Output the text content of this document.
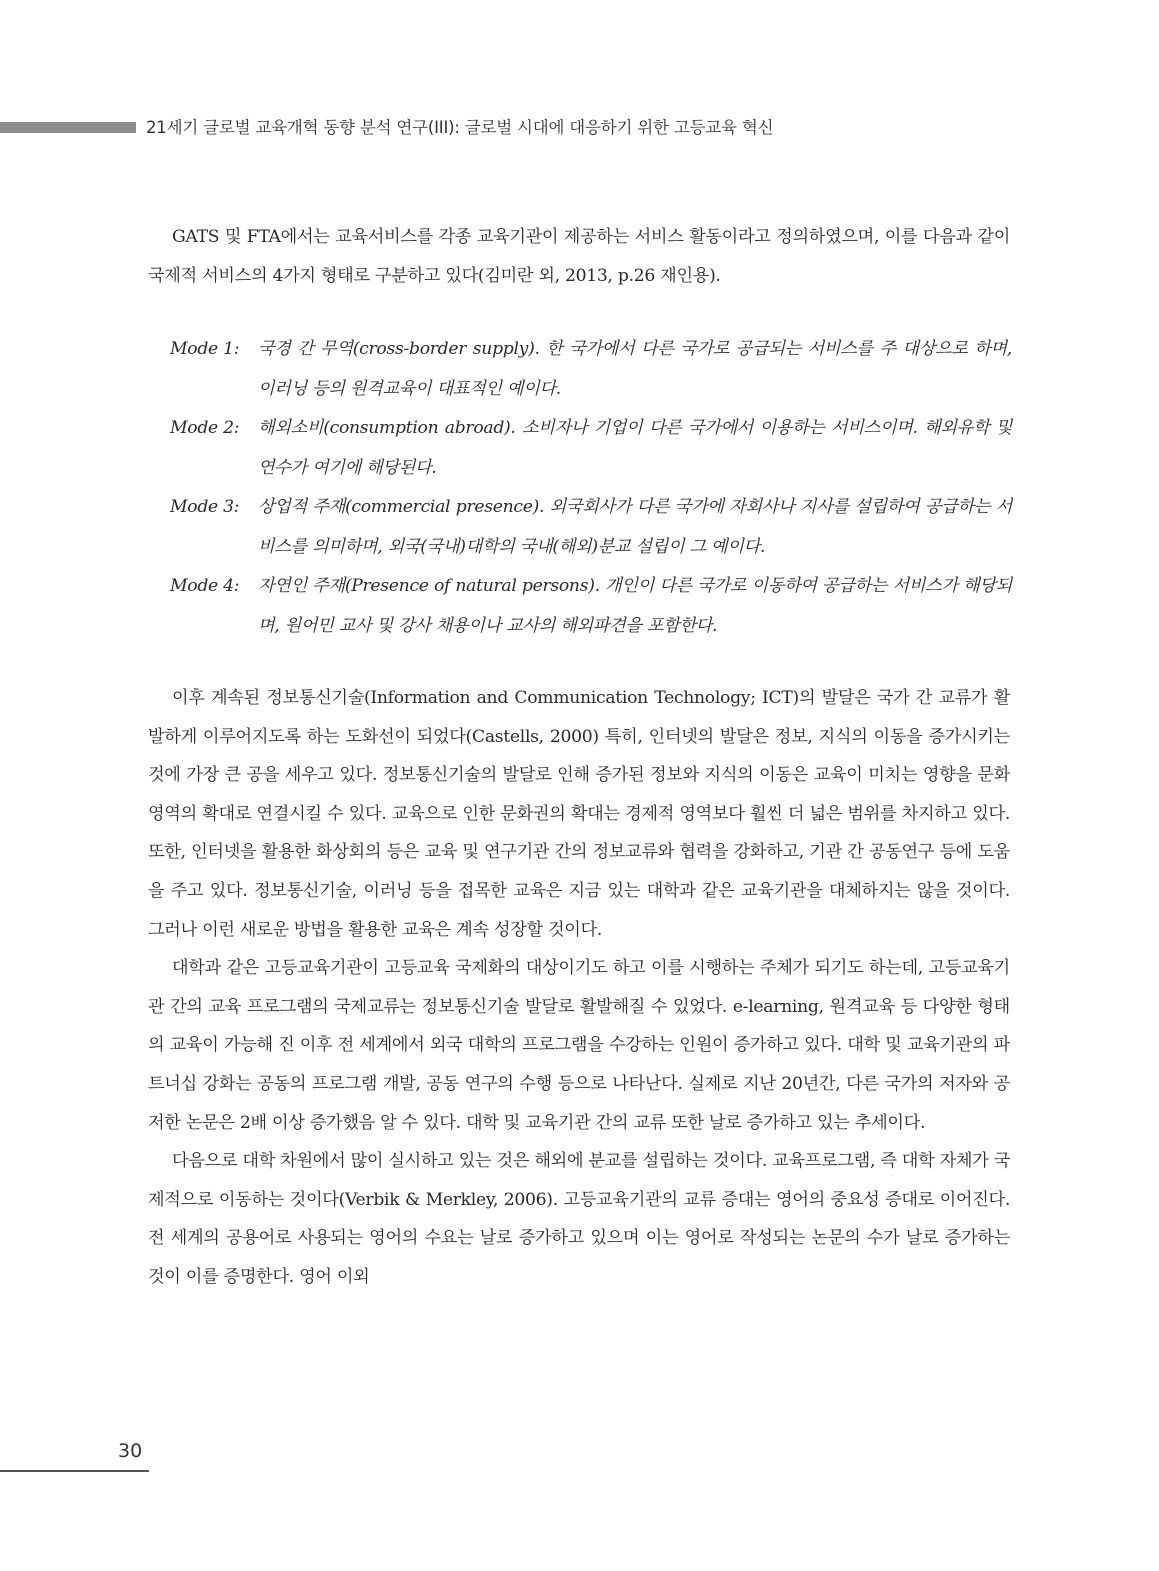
21세기 글로벌 교육개혁 동향 분석 연구(III): 글로벌 시대에 대응하기 위한 고등교육 혁신

GATS 및 FTA에서는 교육서비스를 각종 교육기관이 제공하는 서비스 활동이라고 정의하였으며, 이를 다음과 같이 국제적 서비스의 4가지 형태로 구분하고 있다(김미란 외, 2013, p.26 재인용).

Mode 1:	국경 간 무역(cross-border supply). 한 국가에서 다른 국가로 공급되는 서비스를 주 대상으로 하며, 이러닝 등의 원격교육이 대표적인 예이다.
Mode 2:	해외소비(consumption abroad). 소비자나 기업이 다른 국가에서 이용하는 서비스이며. 해외유학 및 연수가 여기에 해당된다.
Mode 3:	상업적 주재(commercial presence). 외국회사가 다른 국가에 자회사나 지사를 설립하여 공급하는 서비스를 의미하며, 외국(국내)대학의 국내(해외)분교 설립이 그 예이다.
Mode 4:	자연인 주재(Presence of natural persons). 개인이 다른 국가로 이동하여 공급하는 서비스가 해당되며, 원어민 교사 및 강사 채용이나 교사의 해외파견을 포함한다.

이후 계속된 정보통신기술(Information and Communication Technology; ICT)의 발달은 국가 간 교류가 활발하게 이루어지도록 하는 도화선이 되었다(Castells, 2000) 특히, 인터넷의 발달은 정보, 지식의 이동을 증가시키는 것에 가장 큰 공을 세우고 있다. 정보통신기술의 발달로 인해 증가된 정보와 지식의 이동은 교육이 미치는 영향을 문화영역의 확대로 연결시킬 수 있다. 교육으로 인한 문화권의 확대는 경제적 영역보다 훨씬 더 넓은 범위를 차지하고 있다. 또한, 인터넷을 활용한 화상회의 등은 교육 및 연구기관 간의 정보교류와 협력을 강화하고, 기관 간 공동연구 등에 도움을 주고 있다. 정보통신기술, 이러닝 등을 접목한 교육은 지금 있는 대학과 같은 교육기관을 대체하지는 않을 것이다. 그러나 이런 새로운 방법을 활용한 교육은 계속 성장할 것이다.

대학과 같은 고등교육기관이 고등교육 국제화의 대상이기도 하고 이를 시행하는 주체가 되기도 하는데, 고등교육기관 간의 교육 프로그램의 국제교류는 정보통신기술 발달로 활발해질 수 있었다. e-learning, 원격교육 등 다양한 형태의 교육이 가능해 진 이후 전 세계에서 외국 대학의 프로그램을 수강하는 인원이 증가하고 있다. 대학 및 교육기관의 파트너십 강화는 공동의 프로그램 개발, 공동 연구의 수행 등으로 나타난다. 실제로 지난 20년간, 다른 국가의 저자와 공저한 논문은 2배 이상 증가했음 알 수 있다. 대학 및 교육기관 간의 교류 또한 날로 증가하고 있는 추세이다.

다음으로 대학 차원에서 많이 실시하고 있는 것은 해외에 분교를 설립하는 것이다. 교육프로그램, 즉 대학 자체가 국제적으로 이동하는 것이다(Verbik & Merkley, 2006). 고등교육기관의 교류 증대는 영어의 중요성 증대로 이어진다. 전 세계의 공용어로 사용되는 영어의 수요는 날로 증가하고 있으며 이는 영어로 작성되는 논문의 수가 날로 증가하는 것이 이를 증명한다. 영어 이외

30
